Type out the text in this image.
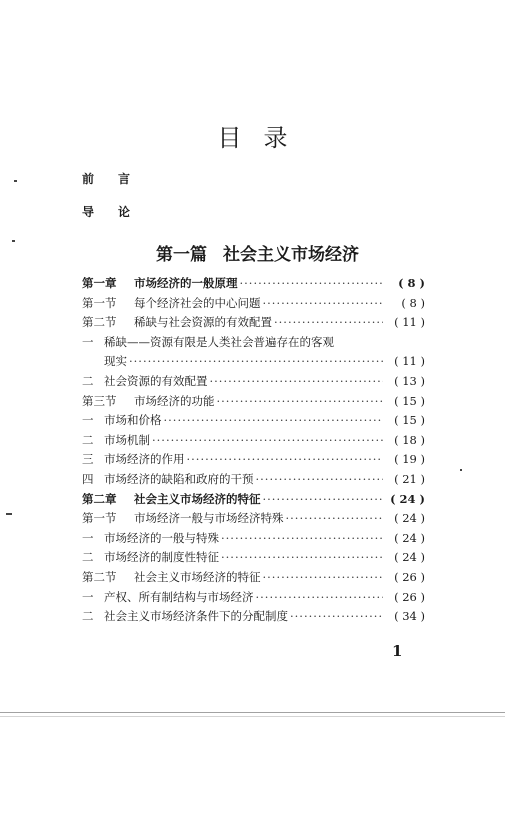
目录
前言
导论
第一篇 社会主义市场经济
第一章	市场经济的一般原理 ·····	( 8 )
第一节	每个经济社会的中心问题 ·····	( 8 )
第二节	稀缺与社会资源的有效配置 ·····	( 11 )
一 稀缺——资源有限是人类社会普遍存在的客观
现实 ·····	( 11 )
二 社会资源的有效配置 ·····	( 13 )
第三节	市场经济的功能 ·····	( 15 )
一 市场和价格 ·····	( 15 )
二 市场机制 ·····	( 18 )
三 市场经济的作用 ·····	( 19 )
四 市场经济的缺陷和政府的干预 ·····	( 21 )
第二章	社会主义市场经济的特征 ·····	( 24 )
第一节	市场经济一般与市场经济特殊 ·····	( 24 )
一 市场经济的一般与特殊 ·····	( 24 )
二 市场经济的制度性特征 ·····	( 24 )
第二节	社会主义市场经济的特征 ·····	( 26 )
一 产权、所有制结构与市场经济 ·····	( 26 )
二 社会主义市场经济条件下的分配制度 ·····	( 34 )
1
